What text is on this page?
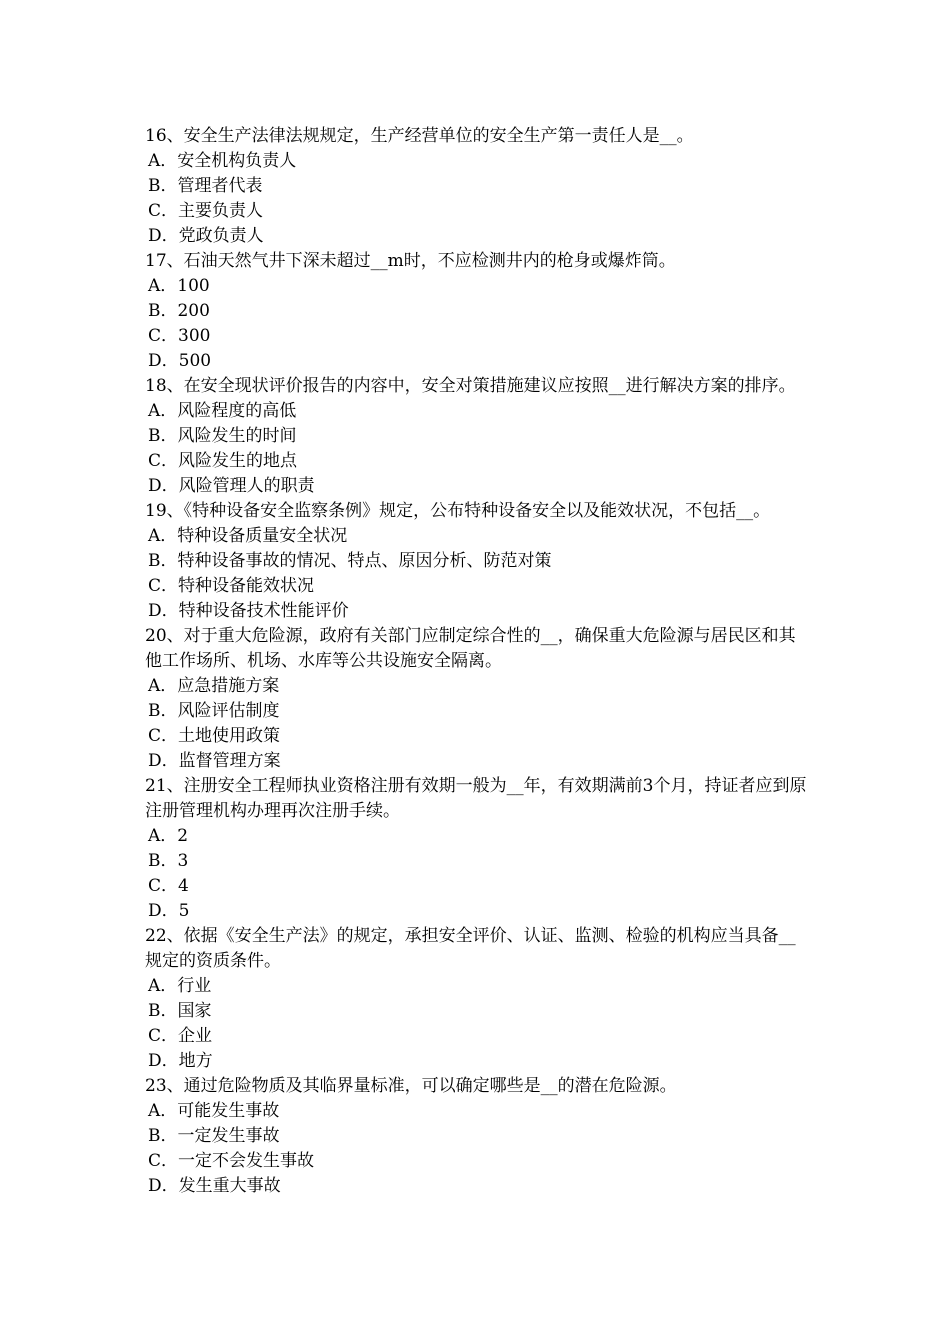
16、安全生产法律法规规定，生产经营单位的安全生产第一责任人是__。

A．安全机构负责人

B．管理者代表

C．主要负责人

D．党政负责人

17、石油天然气井下深未超过__m时，不应检测井内的枪身或爆炸筒。

A．100

B．200

C．300

D．500

18、在安全现状评价报告的内容中，安全对策措施建议应按照__进行解决方案的排序。

A．风险程度的高低

B．风险发生的时间

C．风险发生的地点

D．风险管理人的职责

19、《特种设备安全监察条例》规定，公布特种设备安全以及能效状况，不包括__。

A．特种设备质量安全状况

B．特种设备事故的情况、特点、原因分析、防范对策

C．特种设备能效状况

D．特种设备技术性能评价

20、对于重大危险源，政府有关部门应制定综合性的__，确保重大危险源与居民区和其他工作场所、机场、水库等公共设施安全隔离。

A．应急措施方案

B．风险评估制度

C．土地使用政策

D．监督管理方案

21、注册安全工程师执业资格注册有效期一般为__年，有效期满前3个月，持证者应到原注册管理机构办理再次注册手续。

A．2

B．3

C．4

D．5

22、依据《安全生产法》的规定，承担安全评价、认证、监测、检验的机构应当具备__规定的资质条件。

A．行业

B．国家

C．企业

D．地方

23、通过危险物质及其临界量标准，可以确定哪些是__的潜在危险源。

A．可能发生事故

B．一定发生事故

C．一定不会发生事故

D．发生重大事故
